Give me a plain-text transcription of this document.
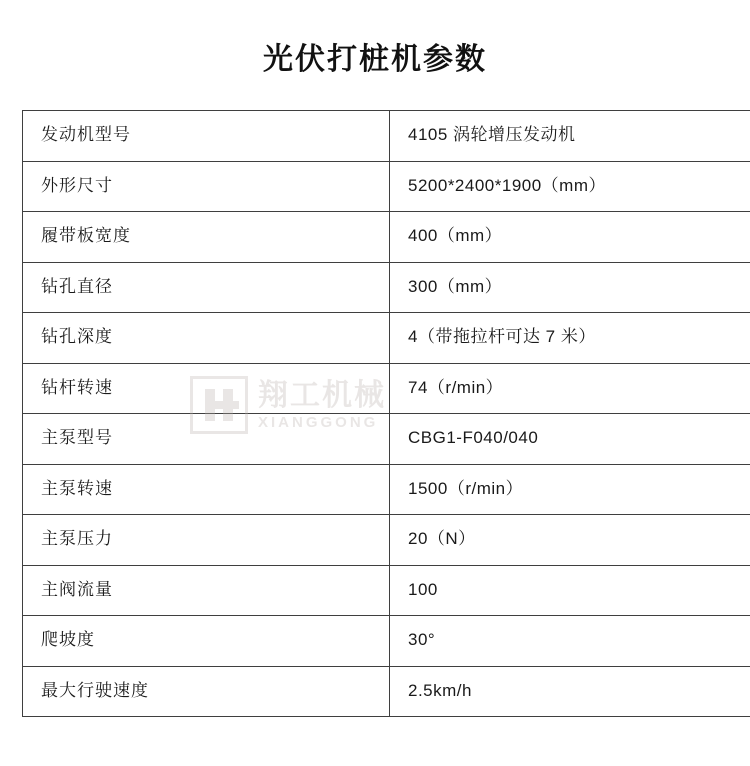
光伏打桩机参数
发动机型号	4105 涡轮增压发动机
外形尺寸	5200*2400*1900（mm）
履带板宽度	400（mm）
钻孔直径	300（mm）
钻孔深度	4（带拖拉杆可达 7 米）
钻杆转速	74（r/min）
主泵型号	CBG1-F040/040
主泵转速	1500（r/min）
主泵压力	20（N）
主阀流量	100
爬坡度	30°
最大行驶速度	2.5km/h
翔工机械
XIANGGONG
